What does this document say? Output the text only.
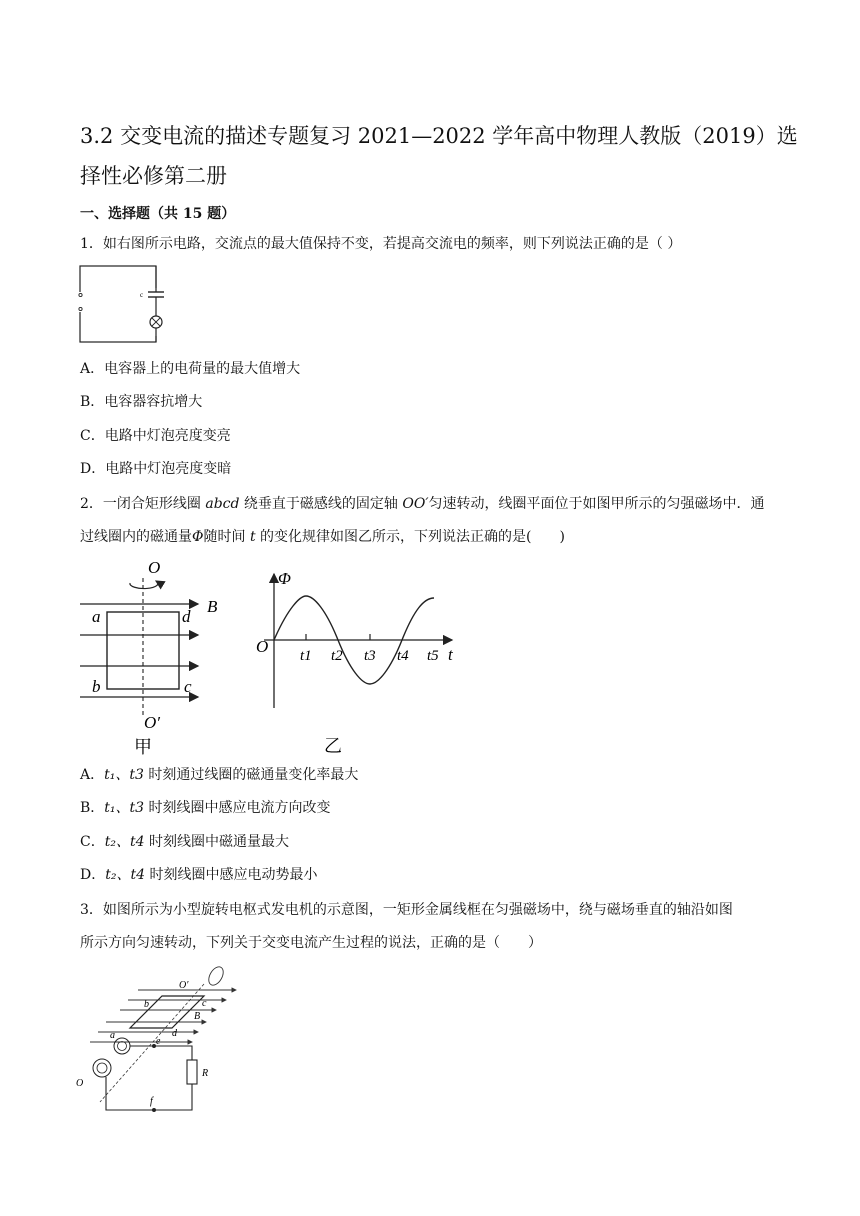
3.2 交变电流的描述专题复习 2021—2022 学年高中物理人教版（2019）选择性必修第二册
一、选择题（共 15 题）
1．如右图所示电路，交流点的最大值保持不变，若提高交流电的频率，则下列说法正确的是（ ）
c
A．电容器上的电荷量的最大值增大
B．电容器容抗增大
C．电路中灯泡亮度变亮
D．电路中灯泡亮度变暗
2．一闭合矩形线圈 abcd 绕垂直于磁感线的固定轴 OO′匀速转动，线圈平面位于如图甲所示的匀强磁场中．通
过线圈内的磁通量Φ随时间 t 的变化规律如图乙所示，下列说法正确的是(　　)
O
O′
a	d
b	c
B
甲
Φ
O	t
t1 t2 t3 t4 t5
乙
A．t₁、t3 时刻通过线圈的磁通量变化率最大
B．t₁、t3 时刻线圈中感应电流方向改变
C．t₂、t4 时刻线圈中磁通量最大
D．t₂、t4 时刻线圈中感应电动势最小
3．如图所示为小型旋转电枢式发电机的示意图，一矩形金属线框在匀强磁场中，绕与磁场垂直的轴沿如图
所示方向匀速转动，下列关于交变电流产生过程的说法，正确的是（　　）
O′
O
a
b	c
d
B
e
f
R
